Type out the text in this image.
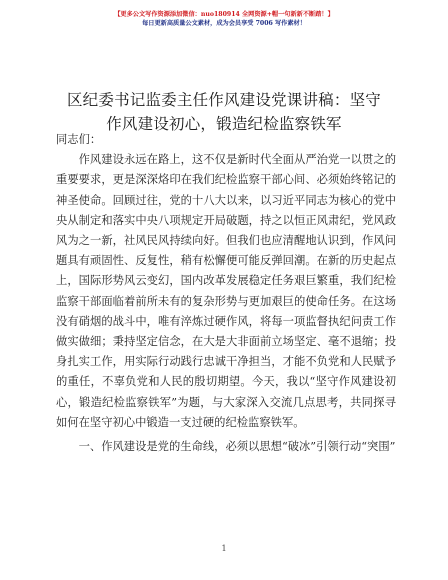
【更多公文写作资源添加微信：nuo180914 全网资源+帽一句新新不断踏！】
每日更新高质量公文素材，成为会员享受 7006 写作素材！
区纪委书记监委主任作风建设党课讲稿：坚守
作风建设初心，锻造纪检监察铁军

同志们：

作风建设永远在路上，这不仅是新时代全面从严治党一以贯之的重要要求，更是深深烙印在我们纪检监察干部心间、必须始终铭记的神圣使命。回顾过往，党的十八大以来，以习近平同志为核心的党中央从制定和落实中央八项规定开局破题，持之以恒正风肃纪，党风政风为之一新，社风民风持续向好。但我们也应清醒地认识到，作风问题具有顽固性、反复性，稍有松懈便可能反弹回潮。在新的历史起点上，国际形势风云变幻，国内改革发展稳定任务艰巨繁重，我们纪检监察干部面临着前所未有的复杂形势与更加艰巨的使命任务。在这场没有硝烟的战斗中，唯有淬炼过硬作风，将每一项监督执纪问责工作做实做细；秉持坚定信念，在大是大非面前立场坚定、毫不退缩；投身扎实工作，用实际行动践行忠诚干净担当，才能不负党和人民赋予的重任，不辜负党和人民的殷切期望。今天，我以“坚守作风建设初心，锻造纪检监察铁军”为题，与大家深入交流几点思考，共同探寻如何在坚守初心中锻造一支过硬的纪检监察铁军。

一、作风建设是党的生命线，必须以思想“破冰”引领行动“突围”

1
